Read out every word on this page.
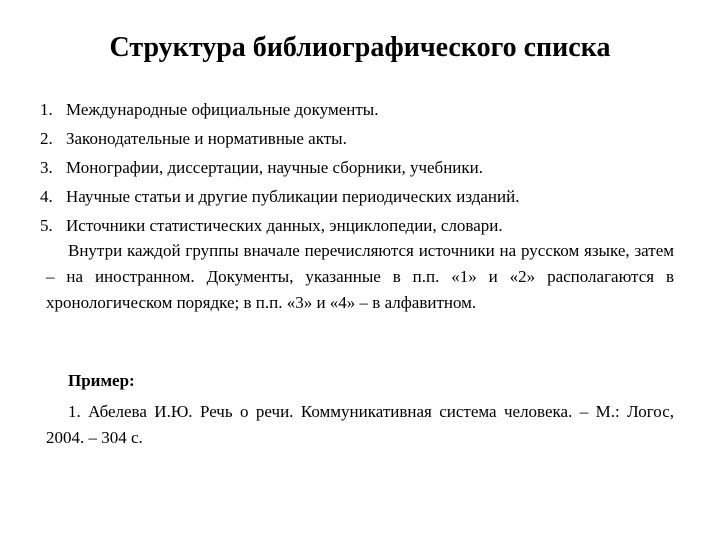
Структура библиографического списка
1. Международные официальные документы.
2. Законодательные и нормативные акты.
3. Монографии, диссертации, научные сборники, учебники.
4. Научные статьи и другие публикации периодических изданий.
5. Источники статистических данных, энциклопедии, словари.

Внутри каждой группы вначале перечисляются источники на русском языке, затем – на иностранном. Документы, указанные в п.п. «1» и «2» располагаются в хронологическом порядке; в п.п. «3» и «4» – в алфавитном.

Пример:

1. Абелева И.Ю. Речь о речи. Коммуникативная система человека. – М.: Логос, 2004. – 304 с.
